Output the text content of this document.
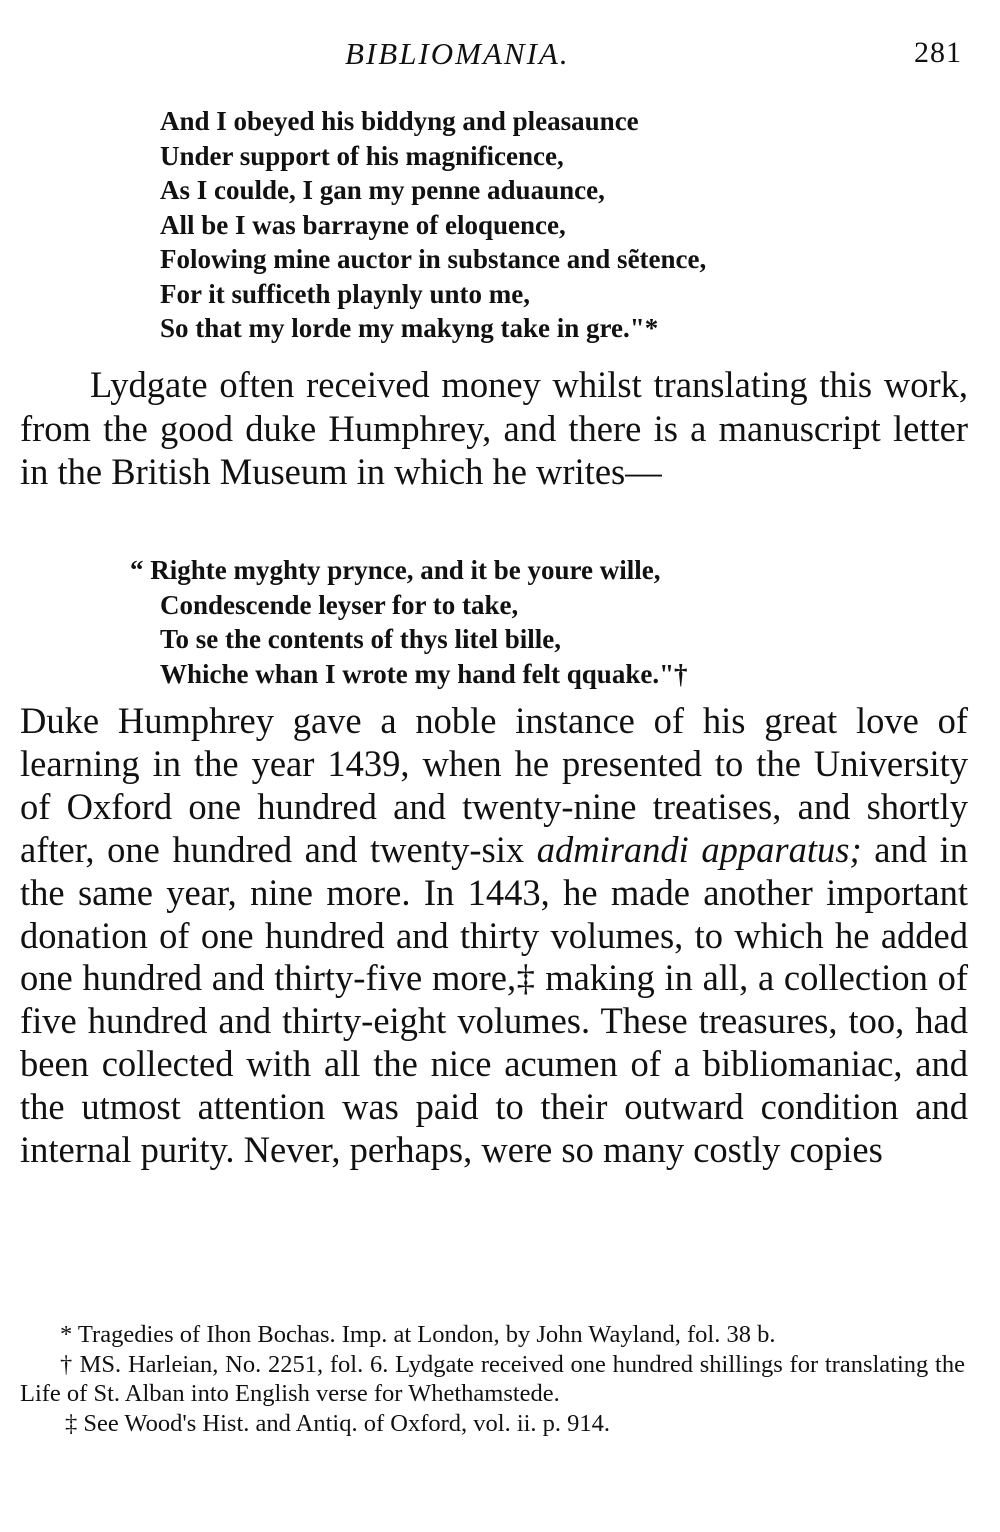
BIBLIOMANIA.	281
And I obeyed his biddyng and pleasaunce
Under support of his magnificence,
As I coulde, I gan my penne aduaunce,
All be I was barrayne of eloquence,
Folowing mine auctor in substance and sẽtence,
For it sufficeth playnly unto me,
So that my lorde my makyng take in gre."*

Lydgate often received money whilst translating this work, from the good duke Humphrey, and there is a manuscript letter in the British Museum in which he writes—

“ Righte myghty prynce, and it be youre wille,
Condescende leyser for to take,
To se the contents of thys litel bille,
Whiche whan I wrote my hand felt qquake."†

Duke Humphrey gave a noble instance of his great love of learning in the year 1439, when he presented to the University of Oxford one hundred and twenty-nine treatises, and shortly after, one hundred and twenty-six admirandi apparatus; and in the same year, nine more. In 1443, he made another important donation of one hundred and thirty volumes, to which he added one hundred and thirty-five more,‡ making in all, a collection of five hundred and thirty-eight volumes. These treasures, too, had been collected with all the nice acumen of a bibliomaniac, and the utmost attention was paid to their outward condition and internal purity. Never, perhaps, were so many costly copies

* Tragedies of Ihon Bochas. Imp. at London, by John Wayland, fol. 38 b.
† MS. Harleian, No. 2251, fol. 6. Lydgate received one hundred shillings for translating the Life of St. Alban into English verse for Whethamstede.
‡ See Wood's Hist. and Antiq. of Oxford, vol. ii. p. 914.
